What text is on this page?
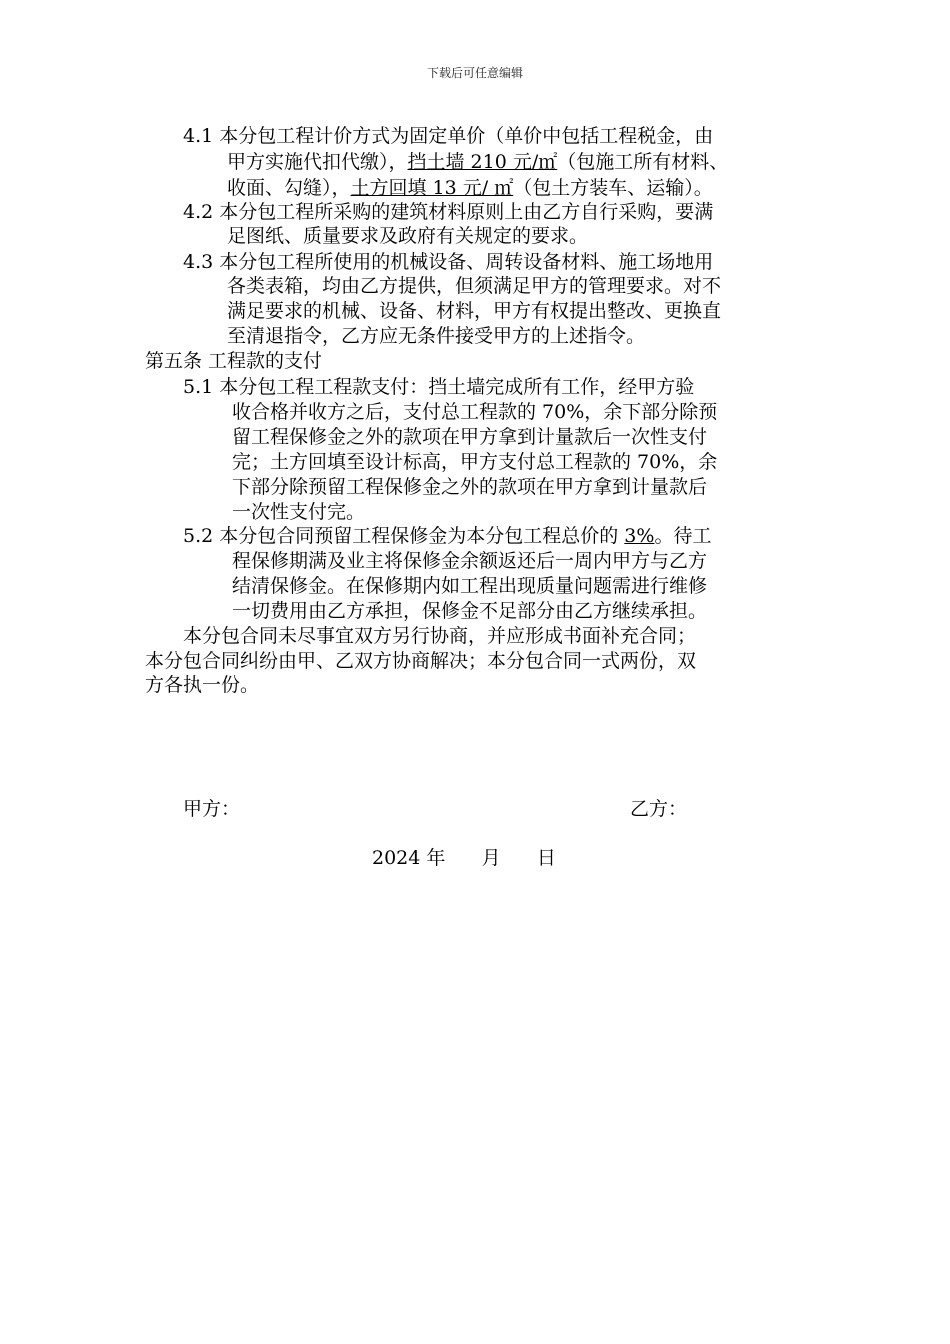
下载后可任意编辑
4.1 本分包工程计价方式为固定单价（单价中包括工程税金，由
甲方实施代扣代缴），挡土墙 210 元/㎡（包施工所有材料、
收面、勾缝），土方回填 13 元/ ㎡（包土方装车、运输）。
4.2 本分包工程所采购的建筑材料原则上由乙方自行采购，要满
足图纸、质量要求及政府有关规定的要求。
4.3 本分包工程所使用的机械设备、周转设备材料、施工场地用
各类表箱，均由乙方提供，但须满足甲方的管理要求。对不
满足要求的机械、设备、材料，甲方有权提出整改、更换直
至清退指令，乙方应无条件接受甲方的上述指令。
第五条 工程款的支付
5.1 本分包工程工程款支付：挡土墙完成所有工作，经甲方验
收合格并收方之后，支付总工程款的 70%，余下部分除预
留工程保修金之外的款项在甲方拿到计量款后一次性支付
完；土方回填至设计标高，甲方支付总工程款的 70%，余
下部分除预留工程保修金之外的款项在甲方拿到计量款后
一次性支付完。
5.2 本分包合同预留工程保修金为本分包工程总价的 3%。待工
程保修期满及业主将保修金余额返还后一周内甲方与乙方
结清保修金。在保修期内如工程出现质量问题需进行维修
一切费用由乙方承担，保修金不足部分由乙方继续承担。
本分包合同未尽事宜双方另行协商，并应形成书面补充合同；
本分包合同纠纷由甲、乙双方协商解决；本分包合同一式两份，双
方各执一份。
甲方：	乙方：
2024 年      月      日
